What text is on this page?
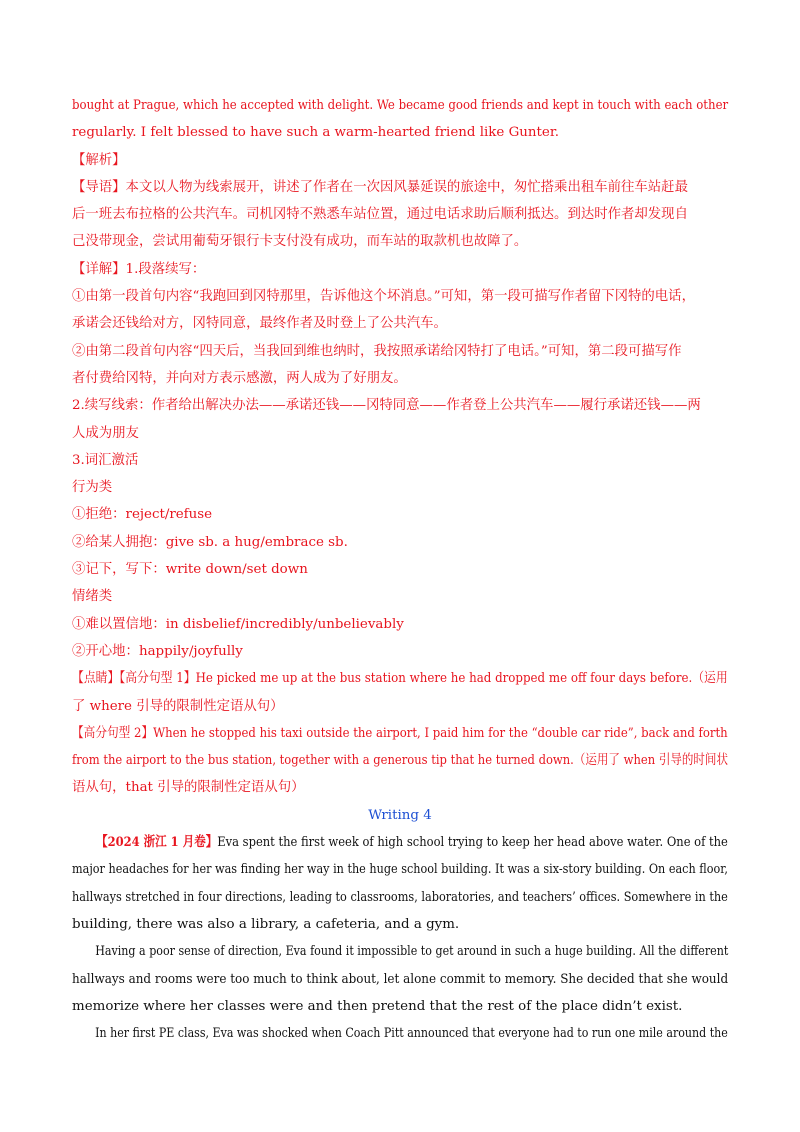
bought at Prague, which he accepted with delight. We became good friends and kept in touch with each other
regularly. I felt blessed to have such a warm-hearted friend like Gunter.
【解析】
【导语】本文以人物为线索展开，讲述了作者在一次因风暴延误的旅途中，匆忙搭乘出租车前往车站赶最
后一班去布拉格的公共汽车。司机冈特不熟悉车站位置，通过电话求助后顺利抵达。到达时作者却发现自
己没带现金，尝试用葡萄牙银行卡支付没有成功，而车站的取款机也故障了。
【详解】1.段落续写：
①由第一段首句内容“我跑回到冈特那里，告诉他这个坏消息。”可知，第一段可描写作者留下冈特的电话，
承诺会还钱给对方，冈特同意，最终作者及时登上了公共汽车。
②由第二段首句内容“四天后，当我回到维也纳时，我按照承诺给冈特打了电话。”可知，第二段可描写作
者付费给冈特，并向对方表示感激，两人成为了好朋友。
2.续写线索：作者给出解决办法——承诺还钱——冈特同意——作者登上公共汽车——履行承诺还钱——两
人成为朋友
3.词汇激活
行为类
①拒绝：reject/refuse
②给某人拥抱：give sb. a hug/embrace sb.
③记下，写下：write down/set down
情绪类
①难以置信地：in disbelief/incredibly/unbelievably
②开心地：happily/joyfully
【点睛】【高分句型 1】He picked me up at the bus station where he had dropped me off four days before.（运用
了 where 引导的限制性定语从句）
【高分句型 2】When he stopped his taxi outside the airport, I paid him for the “double car ride”, back and forth
from the airport to the bus station, together with a generous tip that he turned down.（运用了 when 引导的时间状
语从句，that 引导的限制性定语从句）
Writing 4
【2024 浙江 1 月卷】Eva spent the first week of high school trying to keep her head above water. One of the
major headaches for her was finding her way in the huge school building. It was a six-story building. On each floor,
hallways stretched in four directions, leading to classrooms, laboratories, and teachers’ offices. Somewhere in the
building, there was also a library, a cafeteria, and a gym.
Having a poor sense of direction, Eva found it impossible to get around in such a huge building. All the different
hallways and rooms were too much to think about, let alone commit to memory. She decided that she would
memorize where her classes were and then pretend that the rest of the place didn’t exist.
In her first PE class, Eva was shocked when Coach Pitt announced that everyone had to run one mile around the
